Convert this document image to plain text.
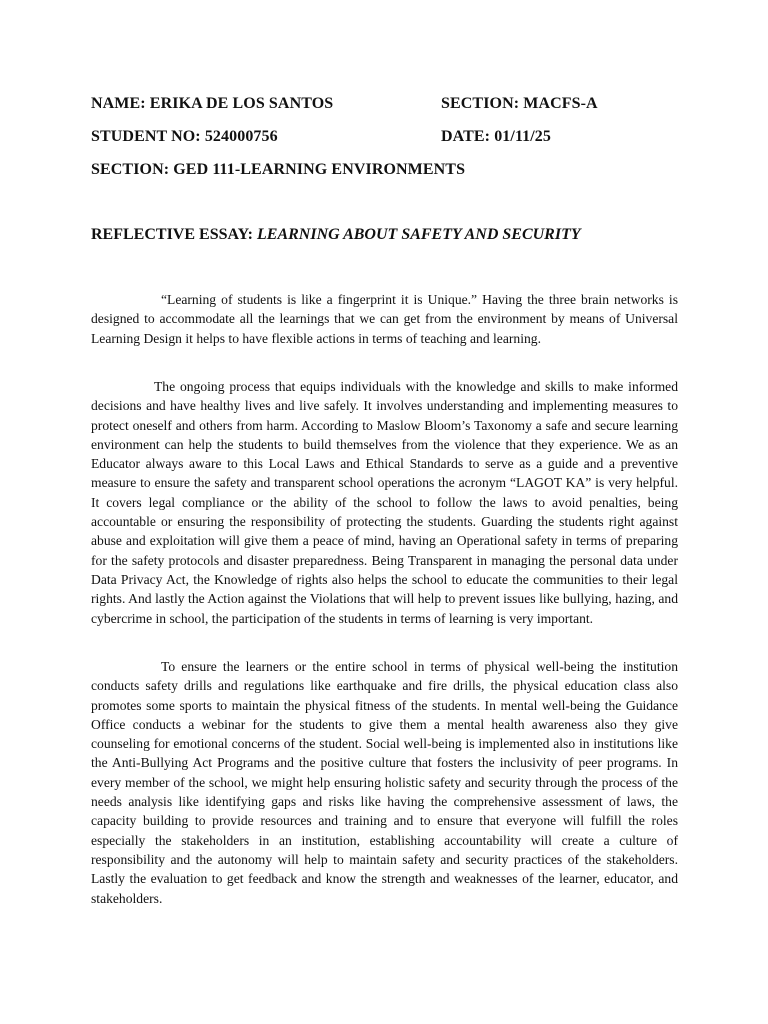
NAME: ERIKA DE LOS SANTOS	SECTION: MACFS-A
STUDENT NO: 524000756	DATE: 01/11/25
SECTION: GED 111-LEARNING ENVIRONMENTS
REFLECTIVE ESSAY: LEARNING ABOUT SAFETY AND SECURITY

“Learning of students is like a fingerprint it is Unique.” Having the three brain networks is designed to accommodate all the learnings that we can get from the environment by means of Universal Learning Design it helps to have flexible actions in terms of teaching and learning.

The ongoing process that equips individuals with the knowledge and skills to make informed decisions and have healthy lives and live safely. It involves understanding and implementing measures to protect oneself and others from harm. According to Maslow Bloom’s Taxonomy a safe and secure learning environment can help the students to build themselves from the violence that they experience. We as an Educator always aware to this Local Laws and Ethical Standards to serve as a guide and a preventive measure to ensure the safety and transparent school operations the acronym “LAGOT KA” is very helpful. It covers legal compliance or the ability of the school to follow the laws to avoid penalties, being accountable or ensuring the responsibility of protecting the students. Guarding the students right against abuse and exploitation will give them a peace of mind, having an Operational safety in terms of preparing for the safety protocols and disaster preparedness. Being Transparent in managing the personal data under Data Privacy Act, the Knowledge of rights also helps the school to educate the communities to their legal rights. And lastly the Action against the Violations that will help to prevent issues like bullying, hazing, and cybercrime in school, the participation of the students in terms of learning is very important.

To ensure the learners or the entire school in terms of physical well-being the institution conducts safety drills and regulations like earthquake and fire drills, the physical education class also promotes some sports to maintain the physical fitness of the students. In mental well-being the Guidance Office conducts a webinar for the students to give them a mental health awareness also they give counseling for emotional concerns of the student. Social well-being is implemented also in institutions like the Anti-Bullying Act Programs and the positive culture that fosters the inclusivity of peer programs. In every member of the school, we might help ensuring holistic safety and security through the process of the needs analysis like identifying gaps and risks like having the comprehensive assessment of laws, the capacity building to provide resources and training and to ensure that everyone will fulfill the roles especially the stakeholders in an institution, establishing accountability will create a culture of responsibility and the autonomy will help to maintain safety and security practices of the stakeholders. Lastly the evaluation to get feedback and know the strength and weaknesses of the learner, educator, and stakeholders.
